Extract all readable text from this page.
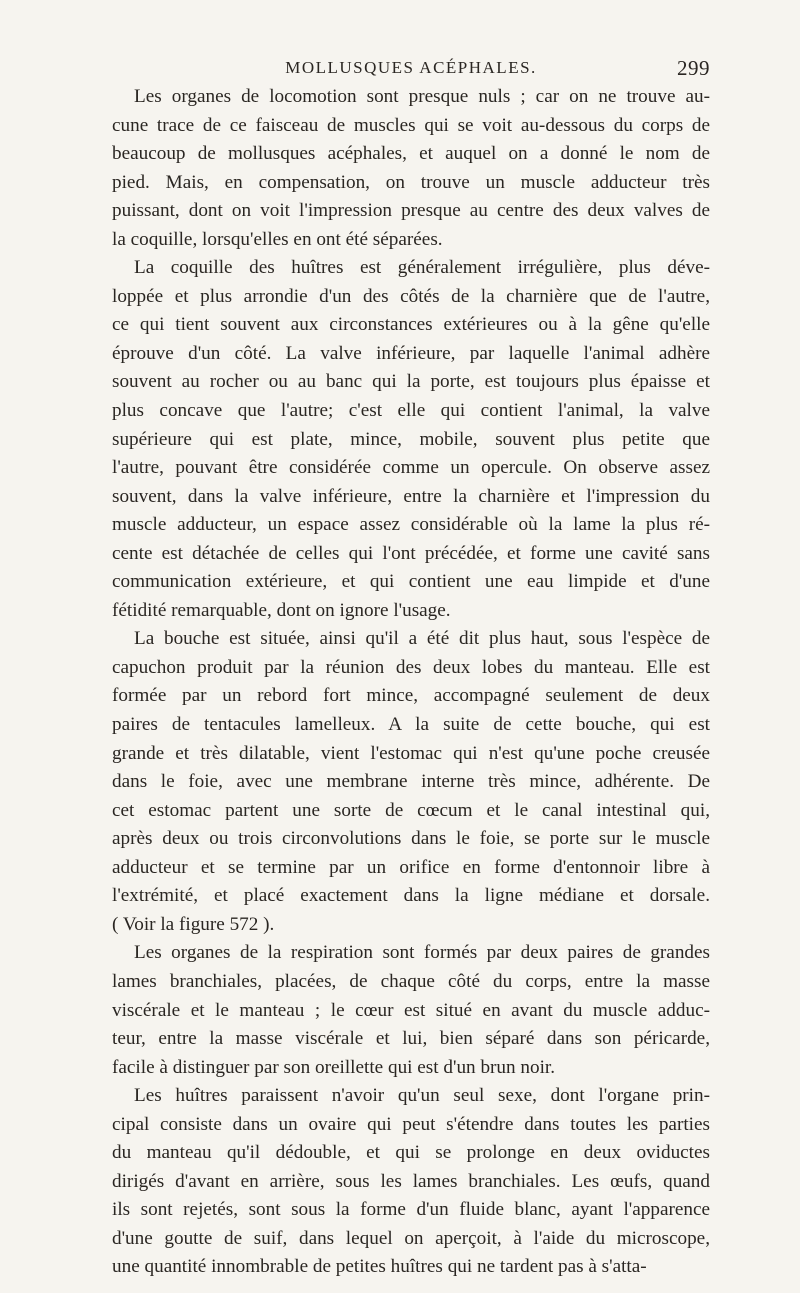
MOLLUSQUES ACÉPHALES.	299
Les organes de locomotion sont presque nuls ; car on ne trouve au-
cune trace de ce faisceau de muscles qui se voit au-dessous du corps de
beaucoup de mollusques acéphales, et auquel on a donné le nom de
pied. Mais, en compensation, on trouve un muscle adducteur très
puissant, dont on voit l'impression presque au centre des deux valves de
la coquille, lorsqu'elles en ont été séparées.
La coquille des huîtres est généralement irrégulière, plus déve-
loppée et plus arrondie d'un des côtés de la charnière que de l'autre,
ce qui tient souvent aux circonstances extérieures ou à la gêne qu'elle
éprouve d'un côté. La valve inférieure, par laquelle l'animal adhère
souvent au rocher ou au banc qui la porte, est toujours plus épaisse et
plus concave que l'autre; c'est elle qui contient l'animal, la valve
supérieure qui est plate, mince, mobile, souvent plus petite que
l'autre, pouvant être considérée comme un opercule. On observe assez
souvent, dans la valve inférieure, entre la charnière et l'impression du
muscle adducteur, un espace assez considérable où la lame la plus ré-
cente est détachée de celles qui l'ont précédée, et forme une cavité sans
communication extérieure, et qui contient une eau limpide et d'une
fétidité remarquable, dont on ignore l'usage.
La bouche est située, ainsi qu'il a été dit plus haut, sous l'espèce de
capuchon produit par la réunion des deux lobes du manteau. Elle est
formée par un rebord fort mince, accompagné seulement de deux
paires de tentacules lamelleux. A la suite de cette bouche, qui est
grande et très dilatable, vient l'estomac qui n'est qu'une poche creusée
dans le foie, avec une membrane interne très mince, adhérente. De
cet estomac partent une sorte de cœcum et le canal intestinal qui,
après deux ou trois circonvolutions dans le foie, se porte sur le muscle
adducteur et se termine par un orifice en forme d'entonnoir libre à
l'extrémité, et placé exactement dans la ligne médiane et dorsale.
( Voir la figure 572 ).
Les organes de la respiration sont formés par deux paires de grandes
lames branchiales, placées, de chaque côté du corps, entre la masse
viscérale et le manteau ; le cœur est situé en avant du muscle adduc-
teur, entre la masse viscérale et lui, bien séparé dans son péricarde,
facile à distinguer par son oreillette qui est d'un brun noir.
Les huîtres paraissent n'avoir qu'un seul sexe, dont l'organe prin-
cipal consiste dans un ovaire qui peut s'étendre dans toutes les parties
du manteau qu'il dédouble, et qui se prolonge en deux oviductes
dirigés d'avant en arrière, sous les lames branchiales. Les œufs, quand
ils sont rejetés, sont sous la forme d'un fluide blanc, ayant l'apparence
d'une goutte de suif, dans lequel on aperçoit, à l'aide du microscope,
une quantité innombrable de petites huîtres qui ne tardent pas à s'atta-
